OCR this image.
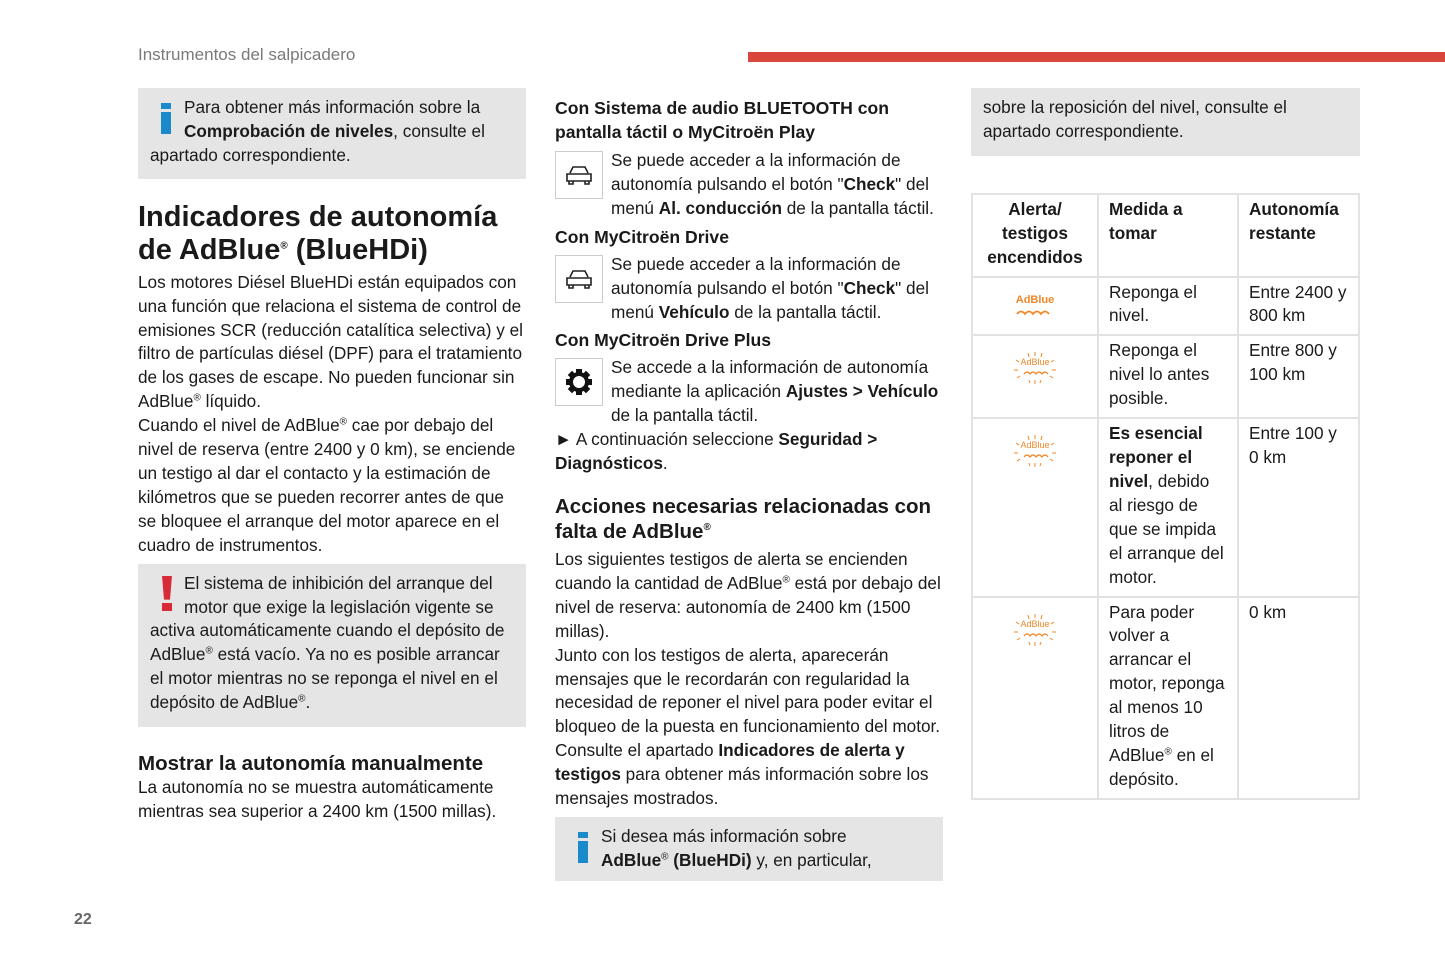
Instrumentos del salpicadero
22
Para obtener más información sobre la Comprobación de niveles, consulte el apartado correspondiente.
Indicadores de autonomía de AdBlue® (BlueHDi)

Los motores Diésel BlueHDi están equipados con una función que relaciona el sistema de control de emisiones SCR (reducción catalítica selectiva) y el filtro de partículas diésel (DPF) para el tratamiento de los gases de escape. No pueden funcionar sin AdBlue® líquido.

Cuando el nivel de AdBlue® cae por debajo del nivel de reserva (entre 2400 y 0 km), se enciende un testigo al dar el contacto y la estimación de kilómetros que se pueden recorrer antes de que se bloquee el arranque del motor aparece en el cuadro de instrumentos.

El sistema de inhibición del arranque del motor que exige la legislación vigente se activa automáticamente cuando el depósito de AdBlue® está vacío. Ya no es posible arrancar el motor mientras no se reponga el nivel en el depósito de AdBlue®.
Mostrar la autonomía manualmente

La autonomía no se muestra automáticamente mientras sea superior a 2400 km (1500 millas).

Con Sistema de audio BLUETOOTH con pantalla táctil o MyCitroën Play
Se puede acceder a la información de autonomía pulsando el botón "Check" del menú Al. conducción de la pantalla táctil.
Con MyCitroën Drive
Se puede acceder a la información de autonomía pulsando el botón "Check" del menú Vehículo de la pantalla táctil.
Con MyCitroën Drive Plus
Se accede a la información de autonomía mediante la aplicación Ajustes > Vehículo de la pantalla táctil.
► A continuación seleccione Seguridad > Diagnósticos.
Acciones necesarias relacionadas con falta de AdBlue®

Los siguientes testigos de alerta se encienden cuando la cantidad de AdBlue® está por debajo del nivel de reserva: autonomía de 2400 km (1500 millas).

Junto con los testigos de alerta, aparecerán mensajes que le recordarán con regularidad la necesidad de reponer el nivel para poder evitar el bloqueo de la puesta en funcionamiento del motor. Consulte el apartado Indicadores de alerta y testigos para obtener más información sobre los mensajes mostrados.

Si desea más información sobre
AdBlue® (BlueHDi) y, en particular,
sobre la reposición del nivel, consulte el apartado correspondiente.
Alerta/ testigos encendidos	Medida a tomar	Autonomía restante

AdBlue	Reponga el nivel.	Entre 2400 y 800 km

AdBlue	Reponga el nivel lo antes posible.	Entre 800 y 100 km

AdBlue	Es esencial reponer el nivel, debido al riesgo de que se impida el arranque del motor.	Entre 100 y 0 km

AdBlue	Para poder volver a arrancar el motor, reponga al menos 10 litros de AdBlue® en el depósito.	0 km
